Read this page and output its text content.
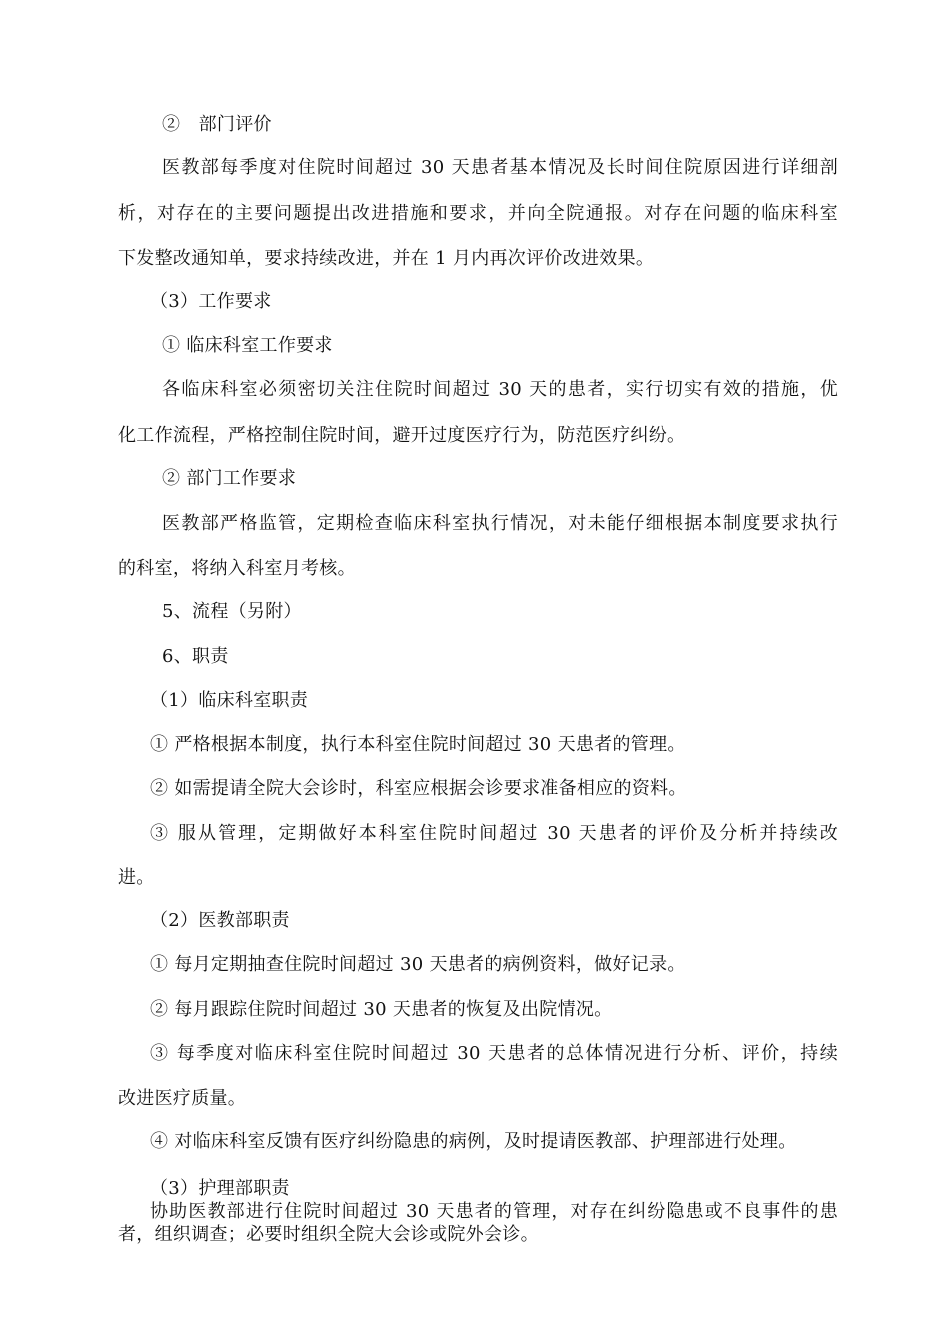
②　部门评价
医教部每季度对住院时间超过 30 天患者基本情况及长时间住院原因进行详细剖
析，对存在的主要问题提出改进措施和要求，并向全院通报。对存在问题的临床科室
下发整改通知单，要求持续改进，并在 1 月内再次评价改进效果。
（3）工作要求
① 临床科室工作要求
各临床科室必须密切关注住院时间超过 30 天的患者，实行切实有效的措施，优
化工作流程，严格控制住院时间，避开过度医疗行为，防范医疗纠纷。
② 部门工作要求
医教部严格监管，定期检查临床科室执行情况，对未能仔细根据本制度要求执行
的科室，将纳入科室月考核。
5、流程（另附）
6、职责
（1）临床科室职责
① 严格根据本制度，执行本科室住院时间超过 30 天患者的管理。
② 如需提请全院大会诊时，科室应根据会诊要求准备相应的资料。
③ 服从管理，定期做好本科室住院时间超过 30 天患者的评价及分析并持续改
进。
（2）医教部职责
① 每月定期抽查住院时间超过 30 天患者的病例资料，做好记录。
② 每月跟踪住院时间超过 30 天患者的恢复及出院情况。
③ 每季度对临床科室住院时间超过 30 天患者的总体情况进行分析、评价，持续
改进医疗质量。
④ 对临床科室反馈有医疗纠纷隐患的病例，及时提请医教部、护理部进行处理。
（3）护理部职责
协助医教部进行住院时间超过 30 天患者的管理，对存在纠纷隐患或不良事件的患
者，组织调查；必要时组织全院大会诊或院外会诊。
